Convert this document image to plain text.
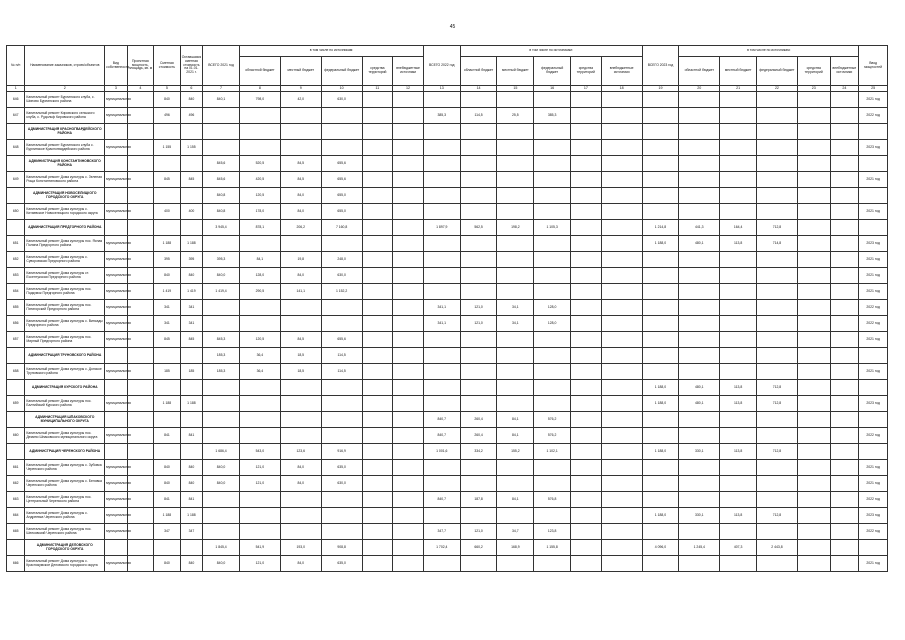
45
№ п/п	Наименование заказчиков, строек/объектов	Вид собственности	Проектная мощность, площадь, кв. м	Сметная стоимость	Оставшаяся сметная стоимость на 01.01. 2021 г.	ВСЕГО 2021 год	в том числе по источникам:					ВСЕГО 2022 год	в том числе по источникам:					ВСЕГО 2023 год	в том числе по источникам:					Ввод мощностей
							областной бюджет	местный бюджет	федеральный бюджет	средства территорий	внебюджетные источники		областной бюджет	местный бюджет	федеральный бюджет	средства территорий	внебюджетные источники		областной бюджет	местный бюджет	федеральный бюджет	средства территорий	внебюджетные источники	
1	2	3	4	5	6	7	8	9	10	11	12	13	14	15	16	17	18	19	20	21	22	23	24	25
646	Капитальный ремонт Бурлинского клуба, с. Шипово Бурлинского района	муниципальная		840	840	840,1	798,0	42,0	630,0															2021 год
647	Капитальный ремонт Кировского сельского клуба, с. Рудольф Кировского района	муниципальная		496	496							385,3	114,5	25,5	385,3									2022 год
	АДМИНИСТРАЦИЯ КРАСНОГВАРДЕЙСКОГО РАЙОНА																							
648	Капитальный ремонт Бурлинского клуба с. Бурлинское Красногвардейского района	муниципальная		1 155	1 155																			2023 год
	АДМИНИСТРАЦИЯ КОНСТАНТИНОВСКОГО РАЙОНА					845,6	520,5	84,5	655,6															
649	Капитальный ремонт Дома культуры с. Зеленая Роща Константиновского района	муниципальная		845	845	845,6	420,5	84,5	655,6															2021 год
	АДМИНИСТРАЦИЯ НОВОСЕЛИЦКОГО ГОРОДСКОГО ОКРУГА					840,8	120,5	84,0	655,0															
650	Капитальный ремонт Дома культуры с. Китаевское Новоселицкого городского округа	муниципальная		400	400	840,8	178,0	84,0	655,0															2021 год
	АДМИНИСТРАЦИЯ ПРЕДГОРНОГО РАЙОНА					3 945,4	878,1	206,2	7 160,8			1 897,9	562,5	198,2	1 105,3			1 214,8	441,3	164,4	712,8			
651	Капитальный ремонт Дома культуры пос. Ясная Поляна Предгорного района	муниципальная		1 188	1 188													1 188,0	480,1	113,8	714,8			2023 год
652	Капитальный ремонт Дома культуры с. Суворовская Предгорного района	муниципальная		395	395	395,3	84,1	19,8	248,0															2021 год
653	Капитальный ремонт Дома культуры ст. Ессентукская Предгорного района	муниципальная		840	840	840,0	128,0	84,0	630,0															2021 год
654	Капитальный ремонт Дома культуры пос. Подкумок Предгорного района	муниципальная		1 419	1 419	1 419,4	290,5	141,1	1 152,2															2021 год
655	Капитальный ремонт Дома культуры пос. Пятигорский Предгорного района	муниципальная		341	341							341,1	121,0	34,1	128,0									2022 год
656	Капитальный ремонт Дома культуры с. Винсады Предгорного района	муниципальная		341	341							341,1	121,0	34,1	128,0									2022 год
657	Капитальный ремонт Дома культуры пос. Мирный Предгорного района	муниципальная		845	845	845,3	120,5	84,5	655,6															2021 год
	АДМИНИСТРАЦИЯ ТРУНОВСКОГО РАЙОНА					185,3	36,4	18,5	114,5															
658	Капитальный ремонт Дома культуры с. Донское Труновского района	муниципальная		185	185	185,3	36,4	18,5	114,5															2021 год
	АДМИНИСТРАЦИЯ КУРСКОГО РАЙОНА																	1 188,0	480,1	113,8	712,8			
659	Капитальный ремонт Дома культуры пос. Балтийский Курского района	муниципальная		1 188	1 188													1 188,0	480,1	113,8	712,8			2023 год
	АДМИНИСТРАЦИЯ ШПАКОВСКОГО МУНИЦИПАЛЬНОГО ОКРУГА											840,7	260,4	84,1	576,2									
660	Капитальный ремонт Дома культуры пос. Демино Шпаковского муниципального округа	муниципальная		841	841							840,7	260,4	84,1	576,2									2022 год
	АДМИНИСТРАЦИЯ ЧЕРЕНСКОГО РАЙОНА					1 686,4	543,0	123,6	916,9			1 001,6	334,2	155,2	1 102,1			1 188,0	330,1	113,8	712,8			
661	Капитальный ремонт Дома культуры с. Зубовка Черенского района	муниципальная		840	840	840,0	121,0	84,0	635,0															2021 год
662	Капитальный ремонт Дома культуры с. Беловка Черенского района	муниципальная		840	840	840,0	121,0	84,0	630,0															2021 год
663	Капитальный ремонт Дома культуры пос. Центральный Черенского района	муниципальная		841	841							840,7	187,8	84,1	576,8									2022 год
664	Капитальный ремонт Дома культуры с. Андреевка Черенского района	муниципальная		1 188	1 188													1 188,0	330,1	113,8	712,8			2023 год
665	Капитальный ремонт Дома культуры пос. Шелковский Черенского района	муниципальная		347	347							347,7	121,0	34,7	123,8									2022 год
	АДМИНИСТРАЦИЯ ДЕЛОВСКОГО ГОРОДСКОГО ОКРУГА					1 845,4	541,9	193,0	908,8			1 702,4	660,2	168,9	1 155,8			4 096,0	1 245,4	407,3	2 443,8			
666	Капитальный ремонт Дома культуры с. Краснокумское Деловского городского округа	муниципальная		840	840	840,0	121,0	84,0	635,0															2021 год
